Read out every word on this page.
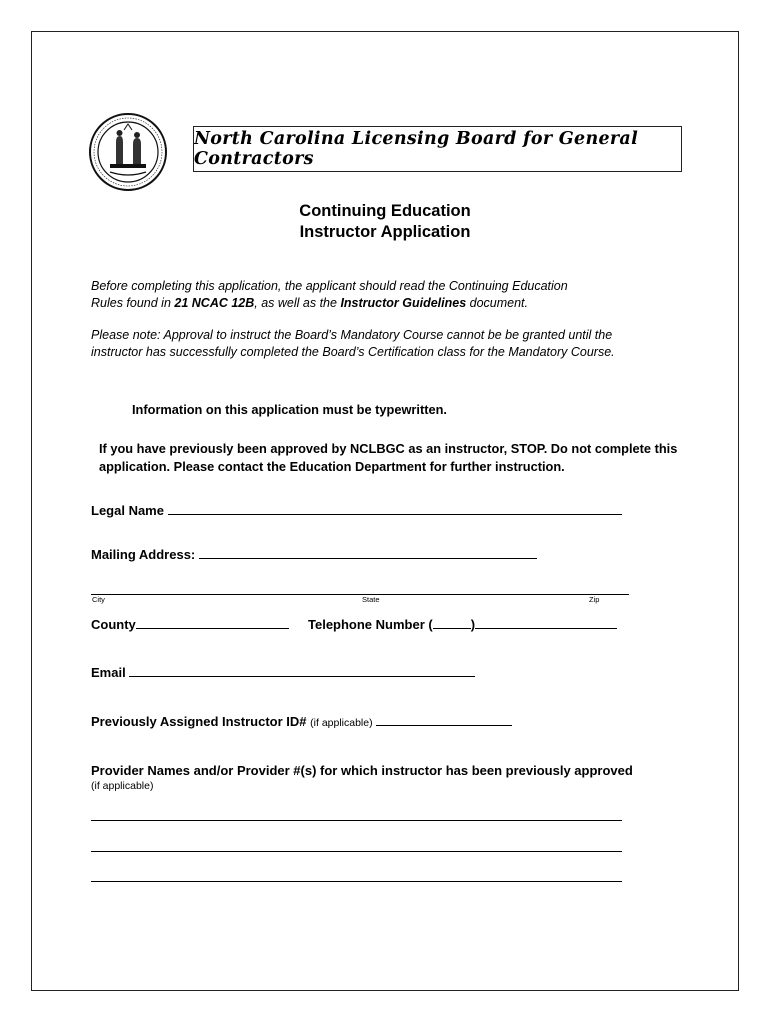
North Carolina Licensing Board for General Contractors
Continuing Education
Instructor Application
Before completing this application, the applicant should read the Continuing Education
Rules found in 21 NCAC 12B, as well as the Instructor Guidelines document.
Please note: Approval to instruct the Board’s Mandatory Course cannot be be granted until the instructor has successfully completed the Board’s Certification class for the Mandatory Course.
Information on this application must be typewritten.
If you have previously been approved by NCLBGC as an instructor, STOP. Do not complete this application. Please contact the Education Department for further instruction.
Legal Name
Mailing Address:
City	State	Zip
County	Telephone Number (	)
Email
Previously Assigned Instructor ID# (if applicable)
Provider Names and/or Provider #(s) for which instructor has been previously approved
(if applicable)
